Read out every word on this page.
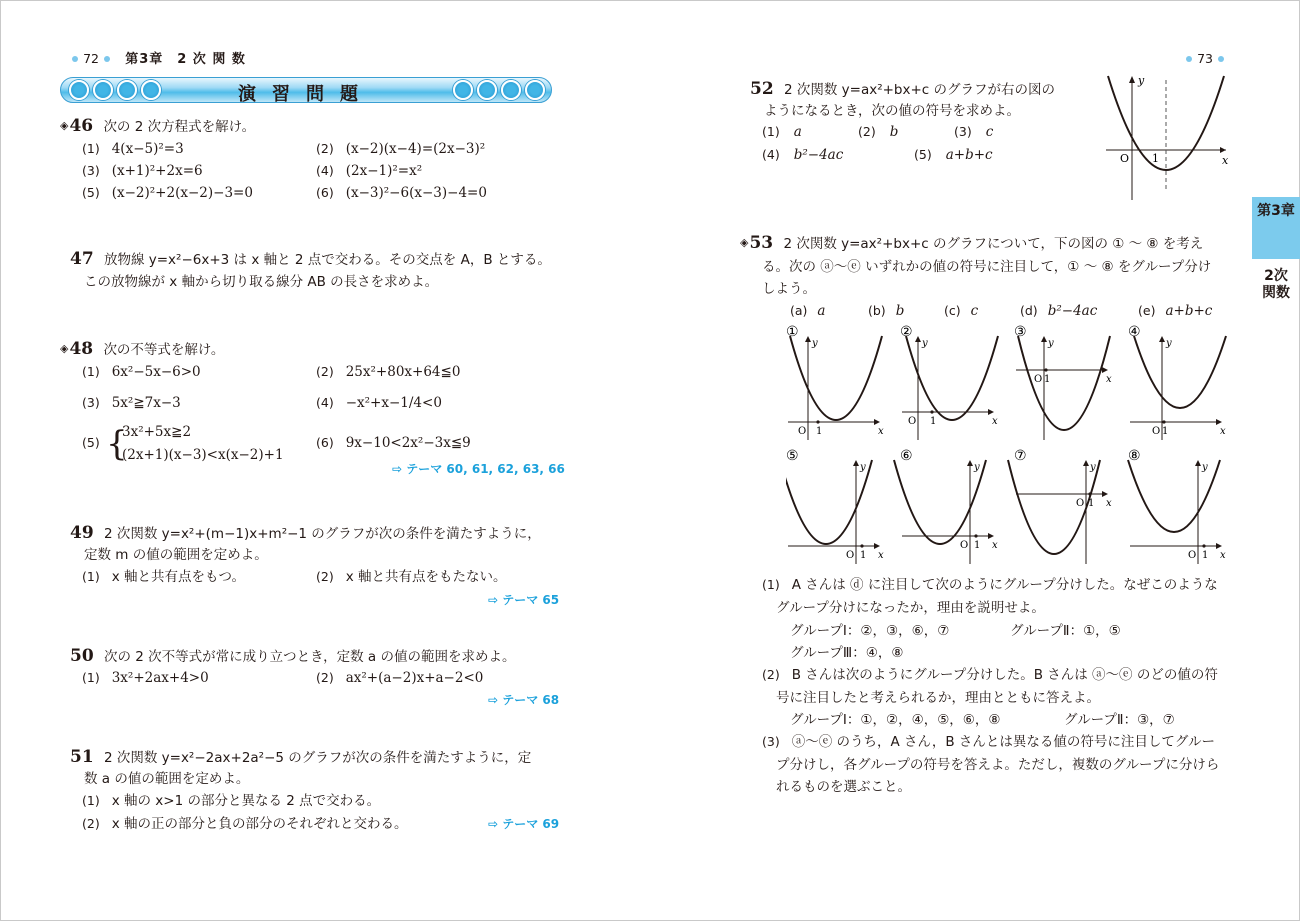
72 第3章　2 次 関 数
演習問題
◈46 次の 2 次方程式を解け。
(1) 4(x−5)²=3	(2) (x−2)(x−4)=(2x−3)²
(3) (x+1)²+2x=6	(4) (2x−1)²=x²
(5) (x−2)²+2(x−2)−3=0	(6) (x−3)²−6(x−3)−4=0
47 放物線 y=x²−6x+3 は x 軸と 2 点で交わる。その交点を A，B とする。
この放物線が x 軸から切り取る線分 AB の長さを求めよ。
◈48 次の不等式を解け。
(1) 6x²−5x−6>0	(2) 25x²+80x+64≦0
(3) 5x²≧7x−3	(4) −x²+x−1/4<0
(5) {
3x²+5x≧2
(2x+1)(x−3)<x(x−2)+1
(6) 9x−10<2x²−3x≦9
⇨ テーマ 60, 61, 62, 63, 66
49 2 次関数 y=x²+(m−1)x+m²−1 のグラフが次の条件を満たすように，
定数 m の値の範囲を定めよ。
(1) x 軸と共有点をもつ。	(2) x 軸と共有点をもたない。
⇨ テーマ 65
50 次の 2 次不等式が常に成り立つとき，定数 a の値の範囲を求めよ。
(1) 3x²+2ax+4>0	(2) ax²+(a−2)x+a−2<0
⇨ テーマ 68
51 2 次関数 y=x²−2ax+2a²−5 のグラフが次の条件を満たすように，定
数 a の値の範囲を定めよ。
(1) x 軸の x>1 の部分と異なる 2 点で交わる。
(2) x 軸の正の部分と負の部分のそれぞれと交わる。	⇨ テーマ 69
73
52 2 次関数 y=ax²+bx+c のグラフが右の図の
ようになるとき，次の値の符号を求めよ。
(1) a	(2) b	(3) c
(4) b²−4ac	(5) a+b+c
y
x
O 1
第3章
2次関数
◈53 2 次関数 y=ax²+bx+c のグラフについて，下の図の ① ～ ⑧ を考え
る。次の ⓐ～ⓔ いずれかの値の符号に注目して，① ～ ⑧ をグループ分け
しよう。
(a) a	(b) b	(c) c	(d) b²−4ac	(e) a+b+c
①
y
x
O 1
②
y
x
O 1
③
y
x
O 1
④
y
x
O 1
⑤
y
x
O 1
⑥
y
x
O 1
⑦
y
x
O 1
⑧
y
x
O 1
(1) A さんは ⓓ に注目して次のようにグループ分けした。なぜこのような
グループ分けになったか，理由を説明せよ。
グループⅠ：②，③，⑥，⑦	グループⅡ：①，⑤
グループⅢ：④，⑧
(2) B さんは次のようにグループ分けした。B さんは ⓐ～ⓔ のどの値の符
号に注目したと考えられるか，理由とともに答えよ。
グループⅠ：①，②，④，⑤，⑥，⑧	グループⅡ：③，⑦
(3) ⓐ～ⓔ のうち，A さん，B さんとは異なる値の符号に注目してグルー
プ分けし，各グループの符号を答えよ。ただし，複数のグループに分けら
れるものを選ぶこと。
